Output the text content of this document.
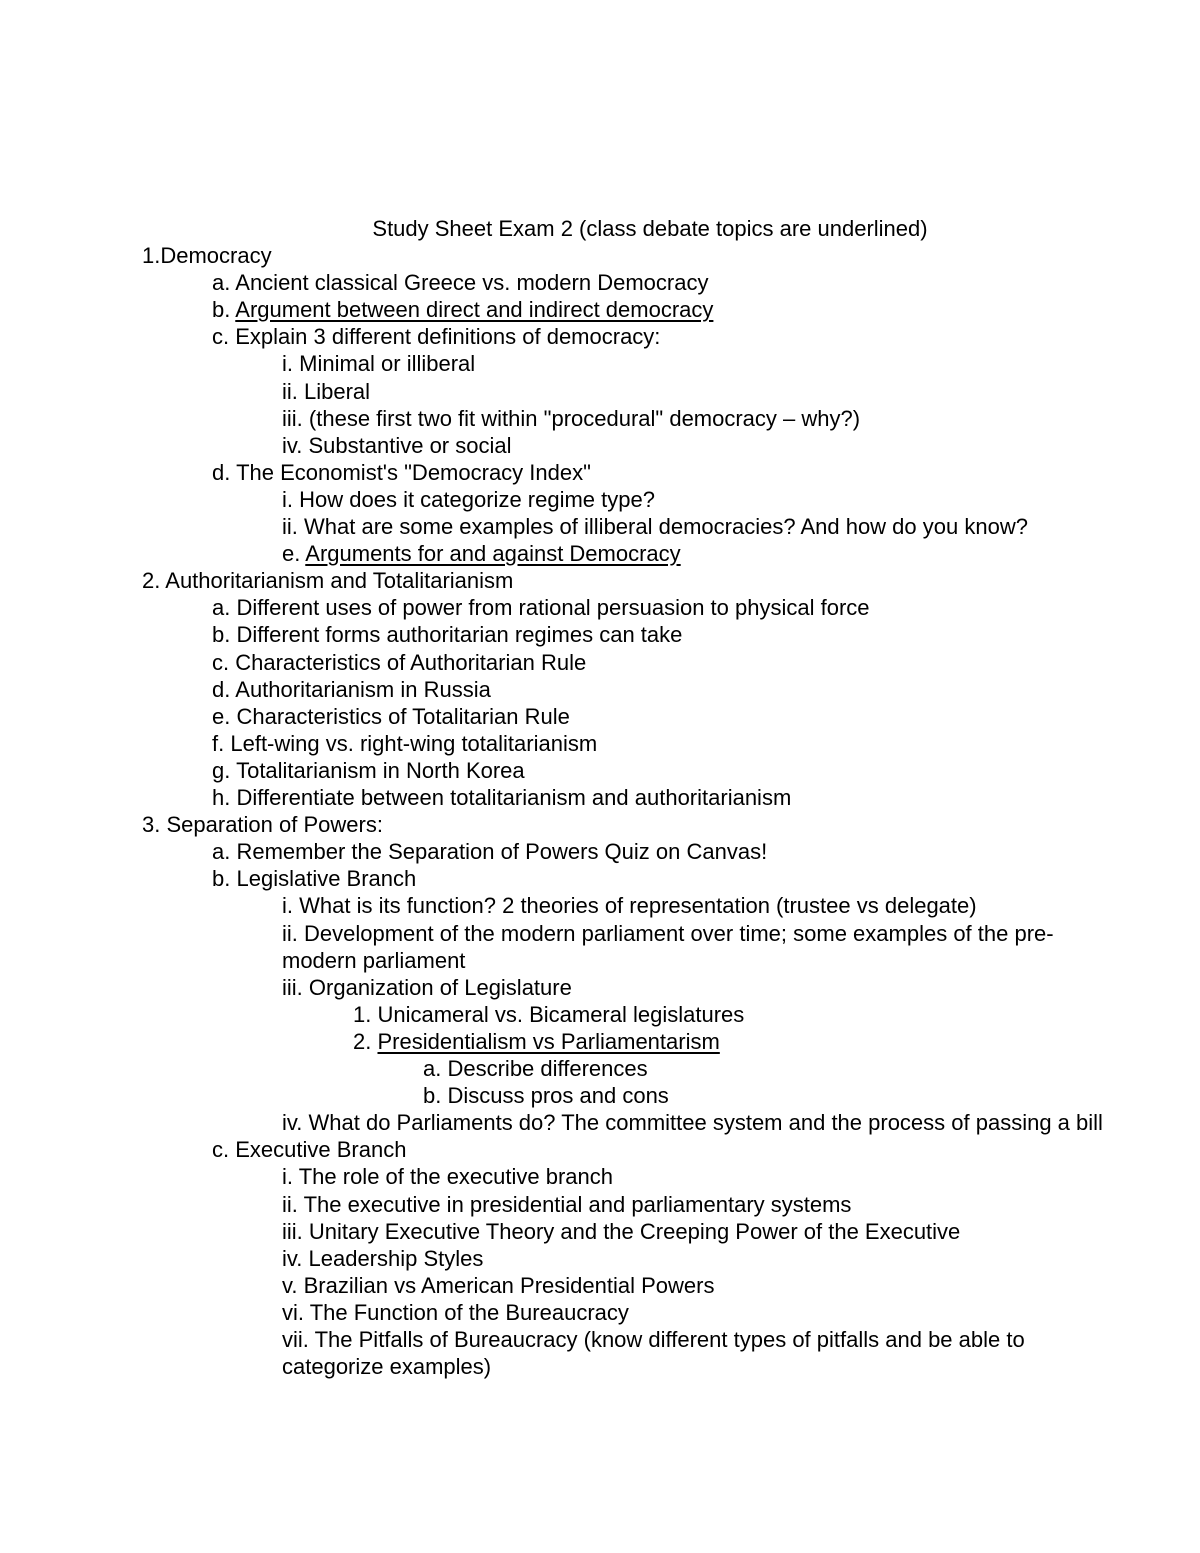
Study Sheet Exam 2 (class debate topics are underlined)
1.Democracy
a. Ancient classical Greece vs. modern Democracy
b. Argument between direct and indirect democracy
c. Explain 3 different definitions of democracy:
i. Minimal or illiberal
ii. Liberal
iii. (these first two fit within "procedural" democracy – why?)
iv. Substantive or social
d. The Economist's "Democracy Index"
i. How does it categorize regime type?
ii. What are some examples of illiberal democracies? And how do you know?
e. Arguments for and against Democracy
2. Authoritarianism and Totalitarianism
a. Different uses of power from rational persuasion to physical force
b. Different forms authoritarian regimes can take
c. Characteristics of Authoritarian Rule
d. Authoritarianism in Russia
e. Characteristics of Totalitarian Rule
f. Left-wing vs. right-wing totalitarianism
g. Totalitarianism in North Korea
h. Differentiate between totalitarianism and authoritarianism
3. Separation of Powers:
a. Remember the Separation of Powers Quiz on Canvas!
b. Legislative Branch
i. What is its function? 2 theories of representation (trustee vs delegate)
ii. Development of the modern parliament over time; some examples of the pre-
modern parliament
iii. Organization of Legislature
1. Unicameral vs. Bicameral legislatures
2. Presidentialism vs Parliamentarism
a. Describe differences
b. Discuss pros and cons
iv. What do Parliaments do? The committee system and the process of passing a bill
c. Executive Branch
i. The role of the executive branch
ii. The executive in presidential and parliamentary systems
iii. Unitary Executive Theory and the Creeping Power of the Executive
iv. Leadership Styles
v. Brazilian vs American Presidential Powers
vi. The Function of the Bureaucracy
vii. The Pitfalls of Bureaucracy (know different types of pitfalls and be able to
categorize examples)
